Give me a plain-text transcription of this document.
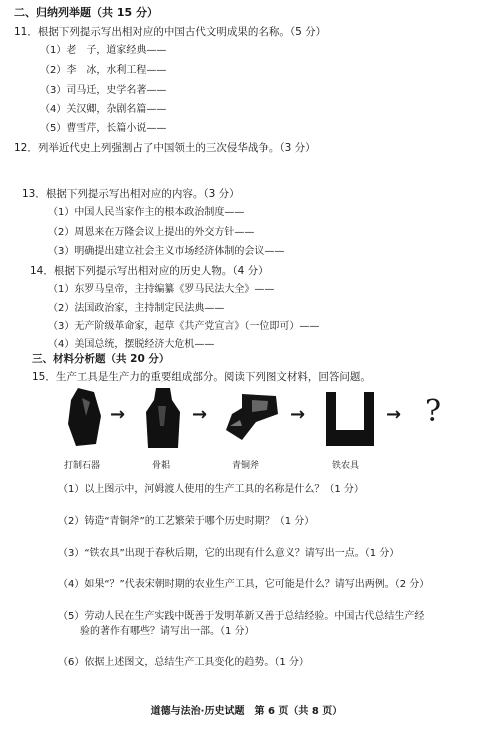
二、归纳列举题（共 15 分）
11．根据下列提示写出相对应的中国古代文明成果的名称。（5 分）
（1）老　子，道家经典——
（2）李　冰，水利工程——
（3）司马迁，史学名著——
（4）关汉卿，杂剧名篇——
（5）曹雪芹，长篇小说——
12．列举近代史上列强割占了中国领土的三次侵华战争。（3 分）
13．根据下列提示写出相对应的内容。（3 分）
（1）中国人民当家作主的根本政治制度——
（2）周恩来在万隆会议上提出的外交方针——
（3）明确提出建立社会主义市场经济体制的会议——
14．根据下列提示写出相对应的历史人物。（4 分）
（1）东罗马皇帝，主持编纂《罗马民法大全》——
（2）法国政治家，主持制定民法典——
（3）无产阶级革命家，起草《共产党宣言》（一位即可）——
（4）美国总统，摆脱经济大危机——
三、材料分析题（共 20 分）
15．生产工具是生产力的重要组成部分。阅读下列图文材料，回答问题。
→	→	→	→ ?
打制石器	骨耜	青铜斧	铁农具
（1）以上图示中，河姆渡人使用的生产工具的名称是什么？（1 分）
（2）铸造“青铜斧”的工艺繁荣于哪个历史时期？（1 分）
（3）“铁农具”出现于春秋后期，它的出现有什么意义？请写出一点。（1 分）
（4）如果“？”代表宋朝时期的农业生产工具，它可能是什么？请写出两例。（2 分）
（5）劳动人民在生产实践中既善于发明革新又善于总结经验。中国古代总结生产经
验的著作有哪些？请写出一部。（1 分）
（6）依据上述图文，总结生产工具变化的趋势。（1 分）
道德与法治·历史试题　第 6 页（共 8 页）
